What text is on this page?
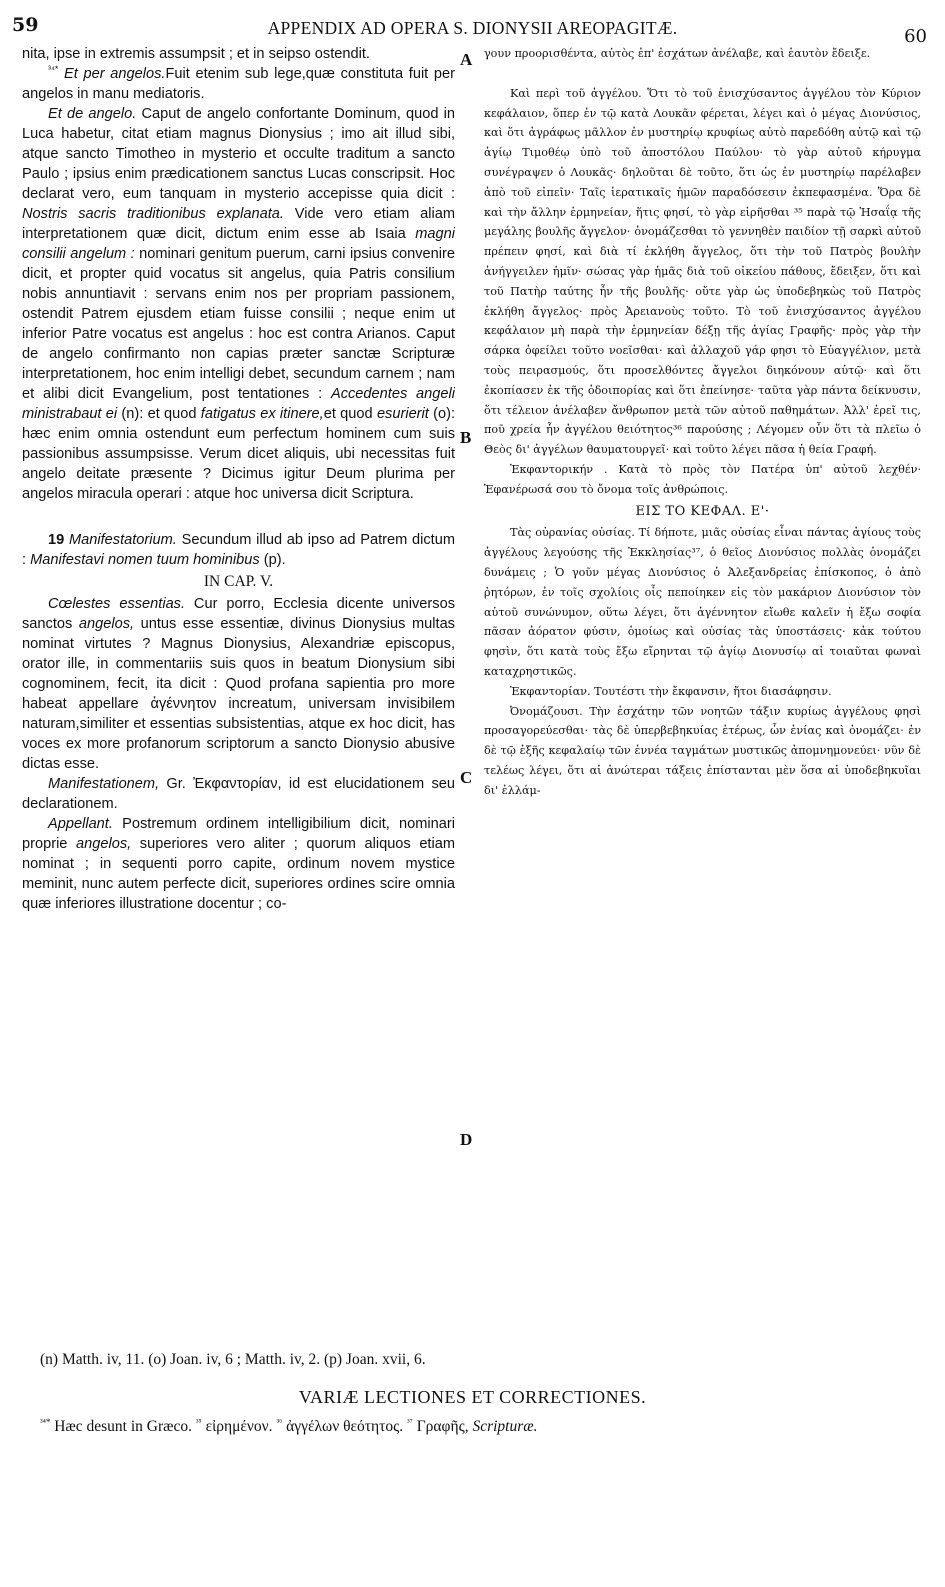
59	APPENDIX AD OPERA S. DIONYSII AREOPAGITÆ.	60

nita, ipse in extremis assumpsit ; et in seipso ostendit.

$^{^{34}*}$ Et per angelos.Fuit etenim sub lege,quæ constituta fuit per angelos in manu mediatoris.

Et de angelo. Caput de angelo confortante Dominum, quod in Luca habetur, citat etiam magnus Dionysius ; imo ait illud sibi, atque sancto Timotheo in mysterio et occulte traditum a sancto Paulo ; ipsius enim prædicationem sanctus Lucas conscripsit. Hoc declarat vero, eum tanquam in mysterio accepisse quia dicit : Nostris sacris traditionibus explanata. Vide vero etiam aliam interpretationem quæ dicit, dictum enim esse ab Isaia magni consilii angelum : nominari genitum puerum, carni ipsius convenire dicit, et propter quid vocatus sit angelus, quia Patris consilium nobis annuntiavit : servans enim nos per propriam passionem, ostendit Patrem ejusdem etiam fuisse consilii ; neque enim ut inferior Patre vocatus est angelus : hoc est contra Arianos. Caput de angelo confirmanto non capias præter sanctæ Scripturæ interpretationem, hoc enim intelligi debet, secundum carnem ; nam et alibi dicit Evangelium, post tentationes : Accedentes angeli ministrabaut ei (n): et quod fatigatus ex itinere,et quod esurierit (o): hæc enim omnia ostendunt eum perfectum hominem cum suis passionibus assumpsisse. Verum dicet aliquis, ubi necessitas fuit angelo deitate præsente ? Dicimus igitur Deum plurima per angelos miracula operari : atque hoc universa dicit Scriptura.

19 Manifestatorium. Secundum illud ab ipso ad Patrem dictum : Manifestavi nomen tuum hominibus (p).

IN CAP. V.

Cœlestes essentias. Cur porro, Ecclesia dicente universos sanctos angelos, untus esse essentiæ, divinus Dionysius multas nominat virtutes ? Magnus Dionysius, Alexandriæ episcopus, orator ille, in commentariis suis quos in beatum Dionysium sibi cognominem, fecit, ita dicit : Quod profana sapientia pro more habeat appellare ἀγέννητον increatum, universam invisibilem naturam,similiter et essentias subsistentias, atque ex hoc dicit, has voces ex more profanorum scriptorum a sancto Dionysio abusive dictas esse.

Manifestationem, Gr. Ἐκφαντορίαν, id est elucidationem seu declarationem.

Appellant. Postremum ordinem intelligibilium dicit, nominari proprie angelos, superiores vero aliter ; quorum aliquos etiam nominat ; in sequenti porro capite, ordinum novem mystice meminit, nunc autem perfecte dicit, superiores ordines scire omnia quæ inferiores illustratione docentur ; co-

A
B
C
D

γουν προορισθέντα, αὐτὸς ἐπ' ἐσχάτων ἀνέλαβε, καὶ ἑαυτὸν ἔδειξε.

Καὶ περὶ τοῦ ἀγγέλου. Ὅτι τὸ τοῦ ἐνισχύσαντος ἀγγέλου τὸν Κύριον κεφάλαιον, ὅπερ ἐν τῷ κατὰ Λουκᾶν φέρεται, λέγει καὶ ὁ μέγας Διονύσιος, καὶ ὅτι ἀγράφως μᾶλλον ἐν μυστηρίῳ κρυφίως αὐτὸ παρεδόθη αὐτῷ καὶ τῷ ἁγίῳ Τιμοθέῳ ὑπὸ τοῦ ἀποστόλου Παύλου· τὸ γὰρ αὐτοῦ κήρυγμα συνέγραψεν ὁ Λουκᾶς· δηλοῦται δὲ τοῦτο, ὅτι ὡς ἐν μυστηρίῳ παρέλαβεν ἀπὸ τοῦ εἰπεῖν· Ταῖς ἱερατικαῖς ἡμῶν παραδόσεσιν ἐκπεφασμένα. Ὅρα δὲ καὶ τὴν ἄλλην ἑρμηνείαν, ἥτις φησί, τὸ γὰρ εἰρῆσθαι ³⁵ παρὰ τῷ Ἡσαΐᾳ τῆς μεγάλης βουλῆς ἄγγελον· ὀνομάζεσθαι τὸ γεννηθὲν παιδίον τῇ σαρκὶ αὐτοῦ πρέπειν φησί, καὶ διὰ τί ἐκλήθη ἄγγελος, ὅτι τὴν τοῦ Πατρὸς βουλὴν ἀνήγγειλεν ἡμῖν· σώσας γὰρ ἡμᾶς διὰ τοῦ οἰκείου πάθους, ἔδειξεν, ὅτι καὶ τοῦ Πατὴρ ταύτης ἦν τῆς βουλῆς· οὔτε γὰρ ὡς ὑποδεβηκὼς τοῦ Πατρὸς ἐκλήθη ἄγγελος· πρὸς Ἀρειανοὺς τοῦτο. Τὸ τοῦ ἐνισχύσαντος ἀγγέλου κεφάλαιον μὴ παρὰ τὴν ἑρμηνείαν δέξῃ τῆς ἁγίας Γραφῆς· πρὸς γὰρ τὴν σάρκα ὀφείλει τοῦτο νοεῖσθαι· καὶ ἀλλαχοῦ γάρ φησι τὸ Εὐαγγέλιον, μετὰ τοὺς πειρασμούς, ὅτι προσελθόντες ἄγγελοι διηκόνουν αὐτῷ· καὶ ὅτι ἐκοπίασεν ἐκ τῆς ὁδοιπορίας καὶ ὅτι ἐπείνησε· ταῦτα γὰρ πάντα δείκνυσιν, ὅτι τέλειον ἀνέλαβεν ἄνθρωπον μετὰ τῶν αὐτοῦ παθημάτων. Ἀλλ' ἐρεῖ τις, ποῦ χρεία ἦν ἀγγέλου θειότητος³⁶ παρούσης ; Λέγομεν οὖν ὅτι τὰ πλεῖω ὁ Θεὸς δι' ἀγγέλων θαυματουργεῖ· καὶ τοῦτο λέγει πᾶσα ἡ θεία Γραφή.

Ἐκφαντορικήν . Κατὰ τὸ πρὸς τὸν Πατέρα ὑπ' αὐτοῦ λεχθέν· Ἐφανέρωσά σου τὸ ὄνομα τοῖς ἀνθρώποις.

ΕΙΣ ΤΟ ΚΕΦΑΛ. Ε'·

Τὰς οὐρανίας οὐσίας. Τί δήποτε, μιᾶς οὐσίας εἶναι πάντας ἁγίους τοὺς ἀγγέλους λεγούσης τῆς Ἐκκλησίας³⁷, ὁ θεῖος Διονύσιος πολλὰς ὀνομάζει δυνάμεις ; Ὁ γοῦν μέγας Διονύσιος ὁ Ἀλεξανδρείας ἐπίσκοπος, ὁ ἀπὸ ῥητόρων, ἐν τοῖς σχολίοις οἷς πεποίηκεν εἰς τὸν μακάριον Διονύσιον τὸν αὐτοῦ συνώνυμον, οὕτω λέγει, ὅτι ἀγέννητον εἴωθε καλεῖν ἡ ἔξω σοφία πᾶσαν ἀόρατον φύσιν, ὁμοίως καὶ οὐσίας τὰς ὑποστάσεις· κἀκ τούτου φησὶν, ὅτι κατὰ τοὺς ἔξω εἴρηνται τῷ ἁγίῳ Διονυσίῳ αἱ τοιαῦται φωναὶ καταχρηστικῶς.

Ἐκφαντορίαν. Τουτέστι τὴν ἔκφανσιν, ἤτοι διασάφησιν.

Ὀνομάζουσι. Τὴν ἐσχάτην τῶν νοητῶν τάξιν κυρίως ἀγγέλους φησὶ προσαγορεύεσθαι· τὰς δὲ ὑπερβεβηκυίας ἑτέρως, ὧν ἐνίας καὶ ὀνομάζει· ἐν δὲ τῷ ἑξῆς κεφαλαίῳ τῶν ἐννέα ταγμάτων μυστικῶς ἀπομνημονεύει· νῦν δὲ τελέως λέγει, ὅτι αἱ ἀνώτεραι τάξεις ἐπίστανται μὲν ὅσα αἱ ὑποδεβηκυῖαι δι' ἐλλάμ-

(n) Matth. iv, 11. (o) Joan. iv, 6 ; Matth. iv, 2. (p) Joan. xvii, 6.
VARIÆ LECTIONES ET CORRECTIONES.
$^{^{34}*}$ Hæc desunt in Græco. $^{^{35}}$ εἰρημένον. $^{^{36}}$ ἀγγέλων θεότητος. $^{^{37}}$ Γραφῆς, Scripturæ.
